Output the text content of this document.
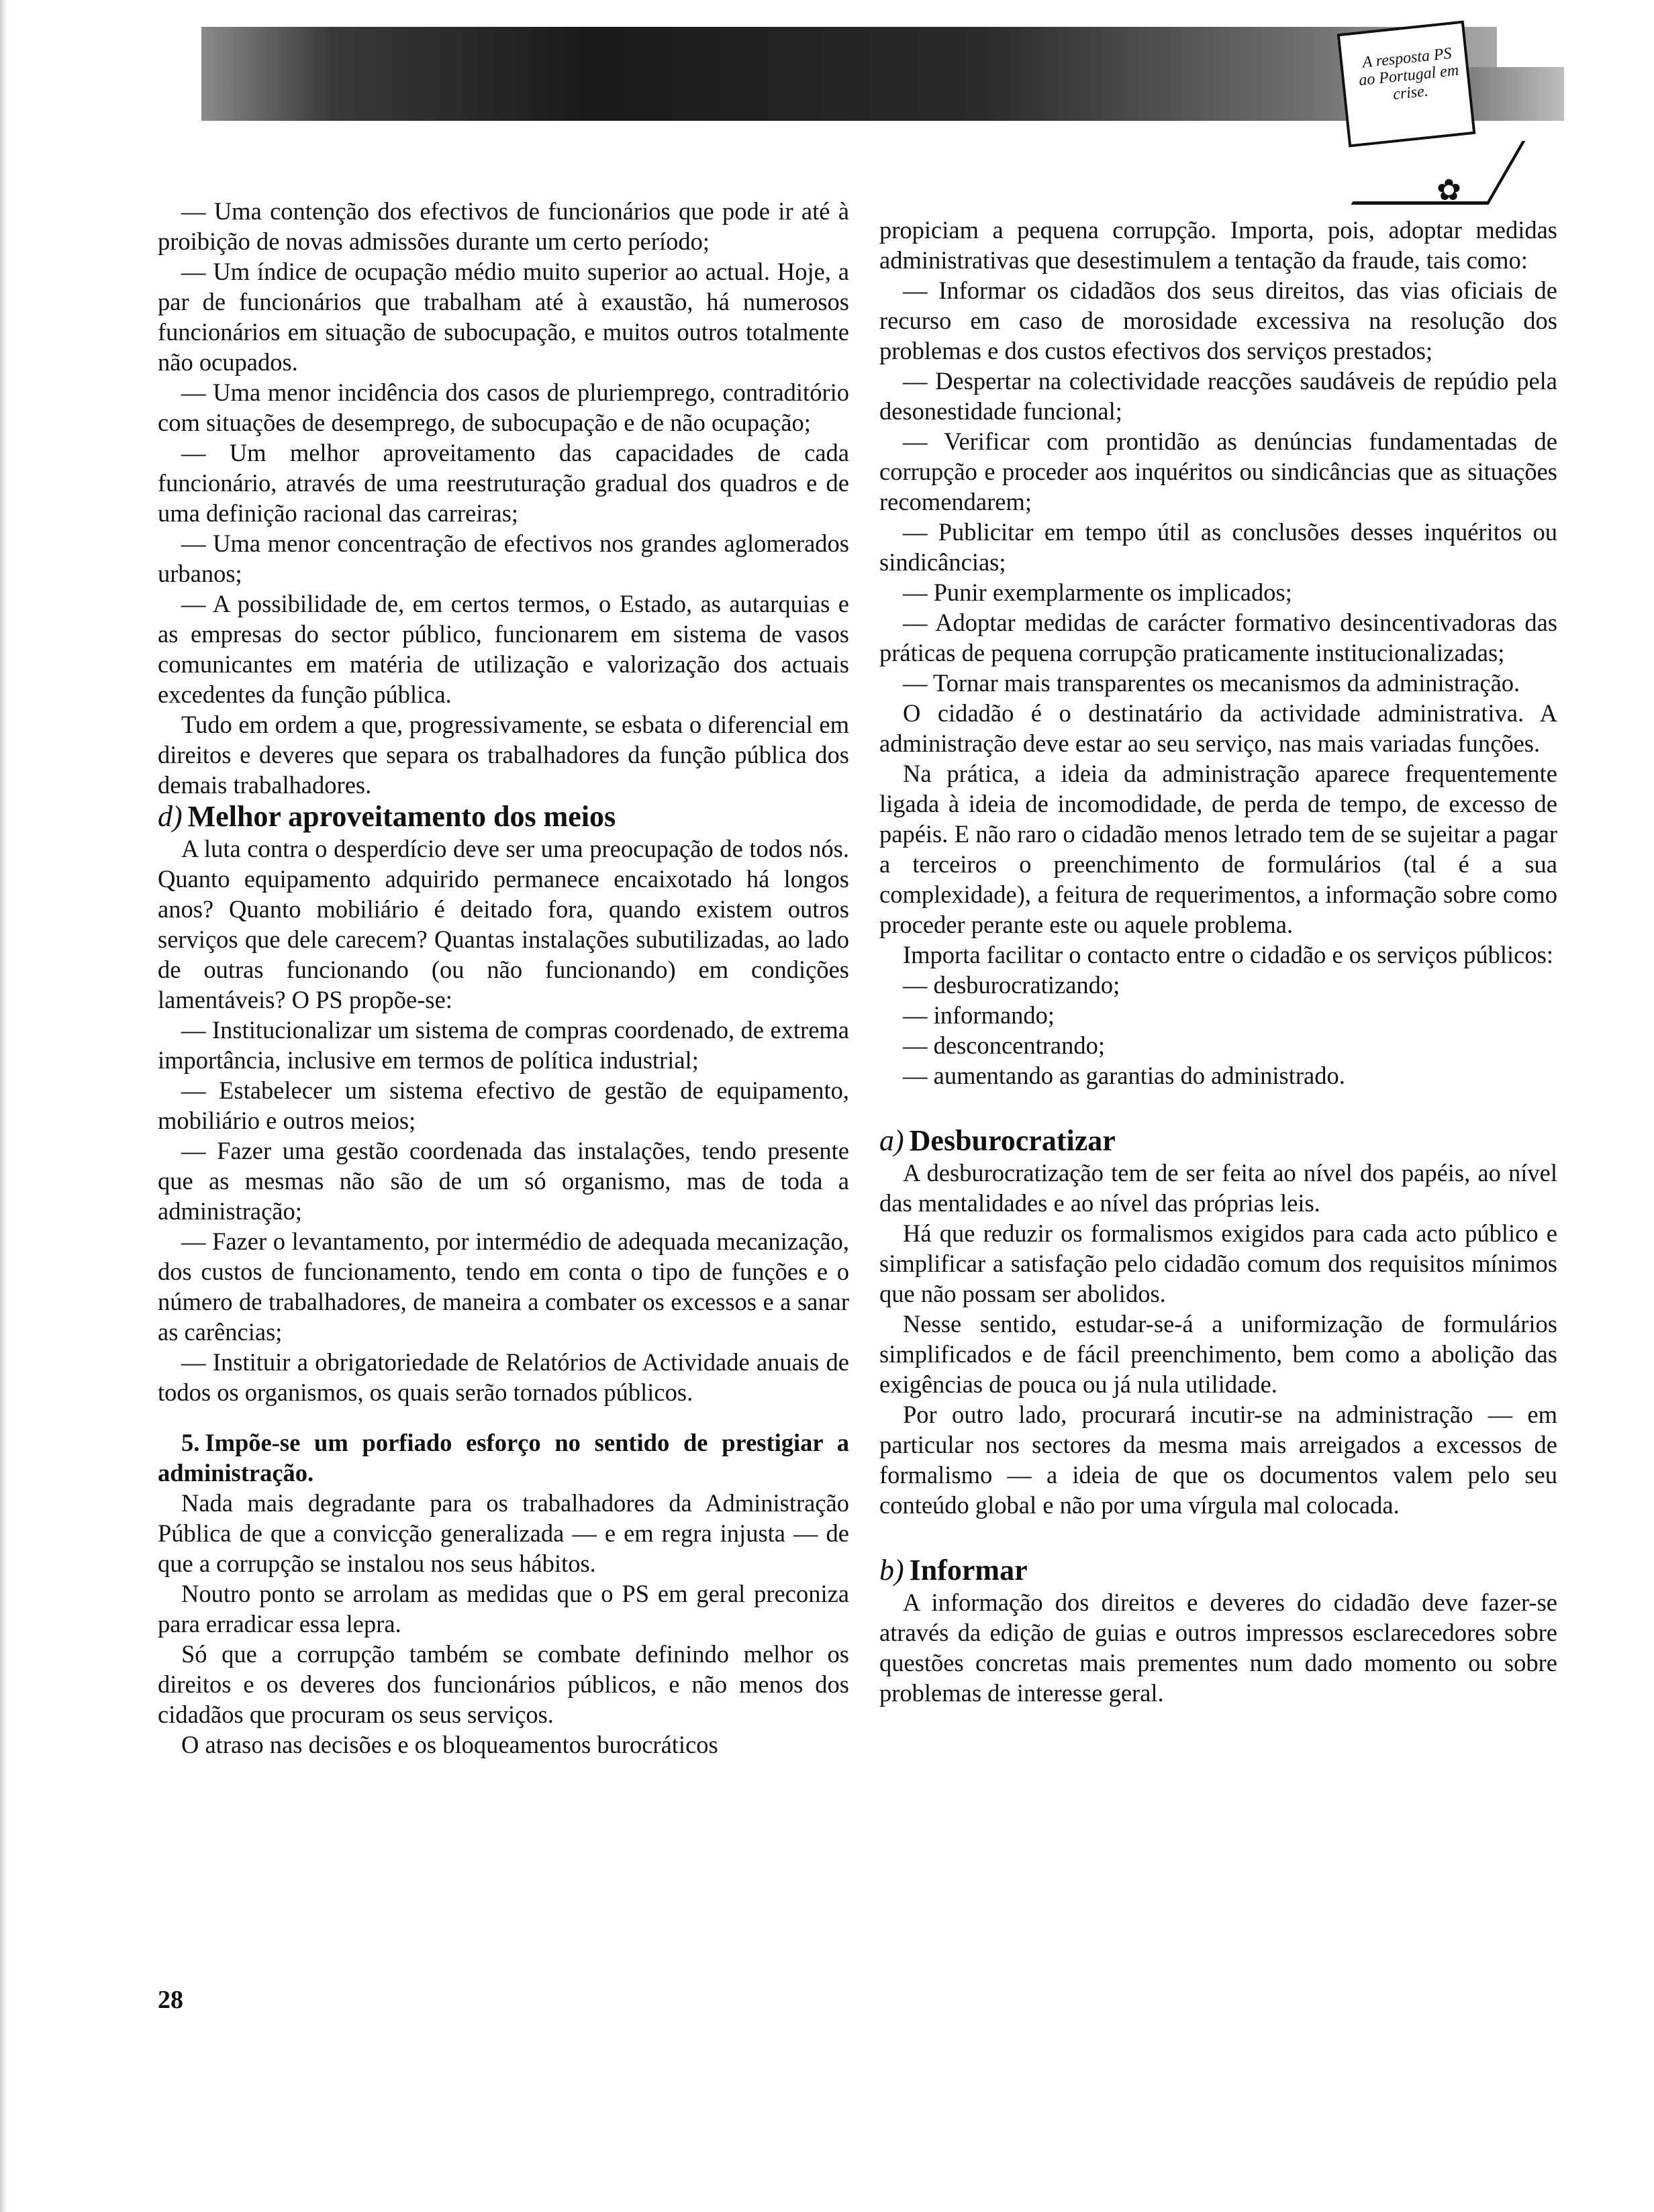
A resposta PS ao Portugal em crise.
✿

— Uma contenção dos efectivos de funcionários que pode ir até à proibição de novas admissões durante um certo período;

— Um índice de ocupação médio muito superior ao actual. Hoje, a par de funcionários que trabalham até à exaustão, há numerosos funcionários em situação de subocupação, e muitos outros totalmente não ocupados.

— Uma menor incidência dos casos de pluriemprego, contraditório com situações de desemprego, de subocupação e de não ocupação;

— Um melhor aproveitamento das capacidades de cada funcionário, através de uma reestruturação gradual dos quadros e de uma definição racional das carreiras;

— Uma menor concentração de efectivos nos grandes aglomerados urbanos;

— A possibilidade de, em certos termos, o Estado, as autarquias e as empresas do sector público, funcionarem em sistema de vasos comunicantes em matéria de utilização e valorização dos actuais excedentes da função pública.

Tudo em ordem a que, progressivamente, se esbata o diferencial em direitos e deveres que separa os trabalhadores da função pública dos demais trabalhadores.

d) Melhor aproveitamento dos meios

A luta contra o desperdício deve ser uma preocupação de todos nós. Quanto equipamento adquirido permanece encaixotado há longos anos? Quanto mobiliário é deitado fora, quando existem outros serviços que dele carecem? Quantas instalações subutilizadas, ao lado de outras funcionando (ou não funcionando) em condições lamentáveis? O PS propõe-se:

— Institucionalizar um sistema de compras coordenado, de extrema importância, inclusive em termos de política industrial;

— Estabelecer um sistema efectivo de gestão de equipamento, mobiliário e outros meios;

— Fazer uma gestão coordenada das instalações, tendo presente que as mesmas não são de um só organismo, mas de toda a administração;

— Fazer o levantamento, por intermédio de adequada mecanização, dos custos de funcionamento, tendo em conta o tipo de funções e o número de trabalhadores, de maneira a combater os excessos e a sanar as carências;

— Instituir a obrigatoriedade de Relatórios de Actividade anuais de todos os organismos, os quais serão tornados públicos.

5. Impõe-se um porfiado esforço no sentido de prestigiar a administração.

Nada mais degradante para os trabalhadores da Administração Pública de que a convicção generalizada — e em regra injusta — de que a corrupção se instalou nos seus hábitos.

Noutro ponto se arrolam as medidas que o PS em geral preconiza para erradicar essa lepra.

Só que a corrupção também se combate definindo melhor os direitos e os deveres dos funcionários públicos, e não menos dos cidadãos que procuram os seus serviços.

O atraso nas decisões e os bloqueamentos burocráticos

propiciam a pequena corrupção. Importa, pois, adoptar medidas administrativas que desestimulem a tentação da fraude, tais como:

— Informar os cidadãos dos seus direitos, das vias oficiais de recurso em caso de morosidade excessiva na resolução dos problemas e dos custos efectivos dos serviços prestados;

— Despertar na colectividade reacções saudáveis de repúdio pela desonestidade funcional;

— Verificar com prontidão as denúncias fundamentadas de corrupção e proceder aos inquéritos ou sindicâncias que as situações recomendarem;

— Publicitar em tempo útil as conclusões desses inquéritos ou sindicâncias;

— Punir exemplarmente os implicados;

— Adoptar medidas de carácter formativo desincentivadoras das práticas de pequena corrupção praticamente institucionalizadas;

— Tornar mais transparentes os mecanismos da administração.

O cidadão é o destinatário da actividade administrativa. A administração deve estar ao seu serviço, nas mais variadas funções.

Na prática, a ideia da administração aparece frequentemente ligada à ideia de incomodidade, de perda de tempo, de excesso de papéis. E não raro o cidadão menos letrado tem de se sujeitar a pagar a terceiros o preenchimento de formulários (tal é a sua complexidade), a feitura de requerimentos, a informação sobre como proceder perante este ou aquele problema.

Importa facilitar o contacto entre o cidadão e os serviços públicos:

— desburocratizando;

— informando;

— desconcentrando;

— aumentando as garantias do administrado.

a) Desburocratizar

A desburocratização tem de ser feita ao nível dos papéis, ao nível das mentalidades e ao nível das próprias leis.

Há que reduzir os formalismos exigidos para cada acto público e simplificar a satisfação pelo cidadão comum dos requisitos mínimos que não possam ser abolidos.

Nesse sentido, estudar-se-á a uniformização de formulários simplificados e de fácil preenchimento, bem como a abolição das exigências de pouca ou já nula utilidade.

Por outro lado, procurará incutir-se na administração — em particular nos sectores da mesma mais arreigados a excessos de formalismo — a ideia de que os documentos valem pelo seu conteúdo global e não por uma vírgula mal colocada.

b) Informar

A informação dos direitos e deveres do cidadão deve fazer-se através da edição de guias e outros impressos esclarecedores sobre questões concretas mais prementes num dado momento ou sobre problemas de interesse geral.

28
